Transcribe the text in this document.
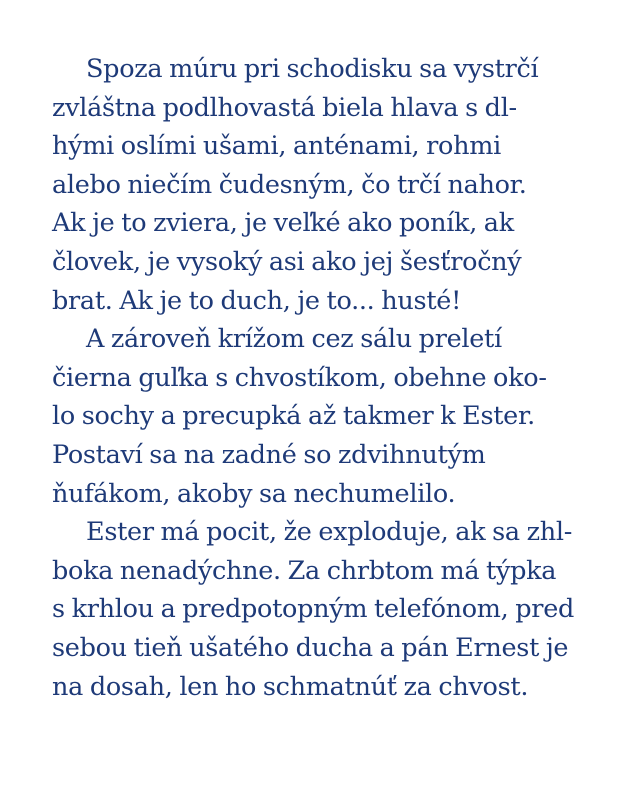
Spoza múru pri schodisku sa vystrčí
zvláštna podlhovastá biela hlava s dl-
hými oslími ušami, anténami, rohmi
alebo niečím čudesným, čo trčí nahor.
Ak je to zviera, je veľké ako poník, ak
človek, je vysoký asi ako jej šesťročný
brat. Ak je to duch, je to... husté!
A zároveň krížom cez sálu preletí
čierna guľka s chvostíkom, obehne oko-
lo sochy a precupká až takmer k Ester.
Postaví sa na zadné so zdvihnutým
ňufákom, akoby sa nechumelilo.
Ester má pocit, že exploduje, ak sa zhl-
boka nenadýchne. Za chrbtom má týpka
s krhlou a predpotopným telefónom, pred
sebou tieň ušatého ducha a pán Ernest je
na dosah, len ho schmatnúť za chvost.
